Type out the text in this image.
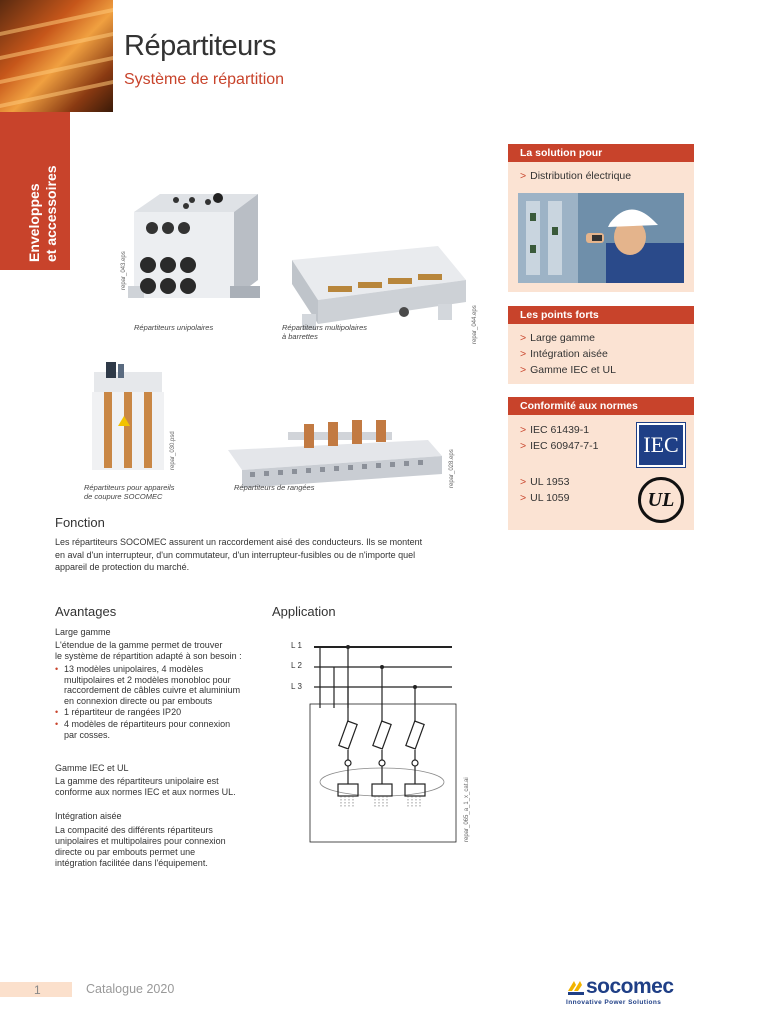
Enveloppes et accessoires
Répartiteurs
Système de répartition
repar_043.eps
Répartiteurs unipolaires	repar_044.eps
Répartiteurs multipolaires
à barrettes
repar_030.psd
Répartiteurs pour appareils
de coupure SOCOMEC
repar_028.eps
Répartiteurs de rangées
La solution pour
> Distribution électrique
Les points forts
> Large gamme
> Intégration aisée
> Gamme IEC et UL
Conformité aux normes
> IEC 61439-1
> IEC 60947-7-1
> UL 1953
> UL 1059
IEC
UL
Fonction
Les répartiteurs SOCOMEC assurent un raccordement aisé des conducteurs. Ils se montent
en aval d'un interrupteur, d'un commutateur, d'un interrupteur-fusibles ou de n'importe quel
appareil de protection du marché.
Avantages
Large gamme
L'étendue de la gamme permet de trouver
le système de répartition adapté à son besoin :
• 13 modèles unipolaires, 4 modèles
multipolaires et 2 modèles monobloc pour
raccordement de câbles cuivre et aluminium
en connexion directe ou par embouts
• 1 répartiteur de rangées IP20
• 4 modèles de répartiteurs pour connexion
par cosses.
Gamme IEC et UL
La gamme des répartiteurs unipolaire est
conforme aux normes IEC et aux normes UL.
Intégration aisée
La compacité des différents répartiteurs
unipolaires et multipolaires pour connexion
directe ou par embouts permet une
intégration facilitée dans l'équipement.
Application
L1
L2
L3
repar_065_a_1_x_cat.ai
1	Catalogue 2020	socomec
Innovative Power Solutions
